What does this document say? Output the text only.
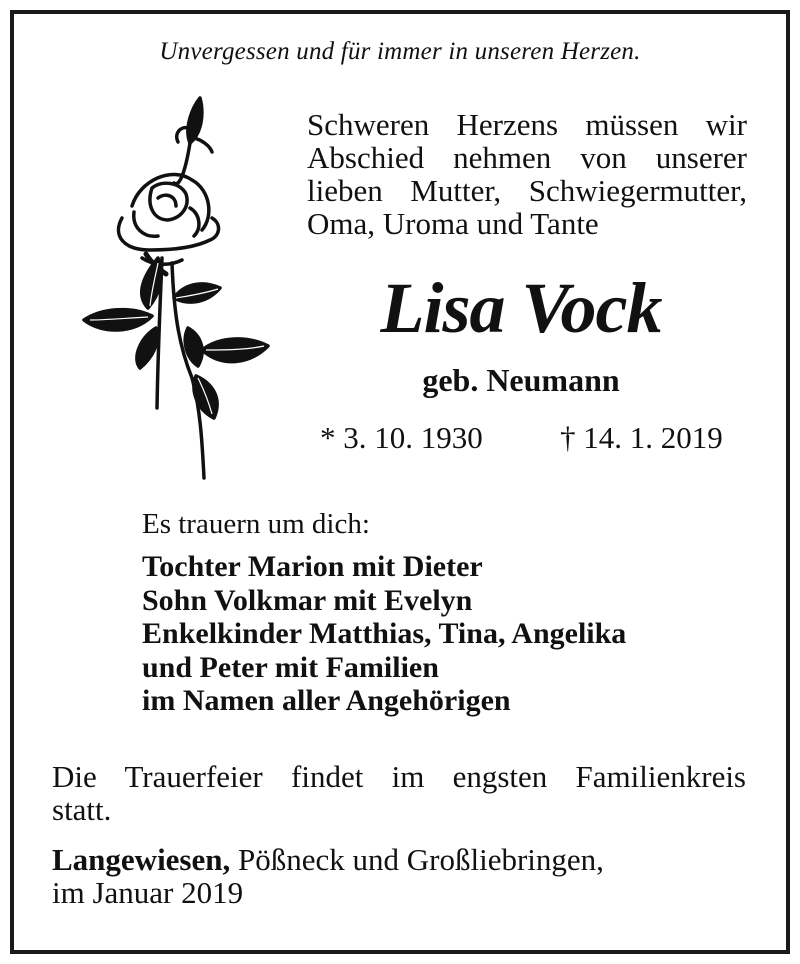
Unvergessen und für immer in unseren Herzen.
Schweren Herzens müssen wir
Abschied nehmen von unserer
lieben Mutter, Schwiegermutter,
Oma, Uroma und Tante
Lisa Vock
geb. Neumann
* 3. 10. 1930 † 14. 1. 2019
Es trauern um dich:
Tochter Marion mit Dieter
Sohn Volkmar mit Evelyn
Enkelkinder Matthias, Tina, Angelika
und Peter mit Familien
im Namen aller Angehörigen
Die Trauerfeier findet im engsten Familienkreis
statt.
Langewiesen, Pößneck und Großliebringen,
im Januar 2019
